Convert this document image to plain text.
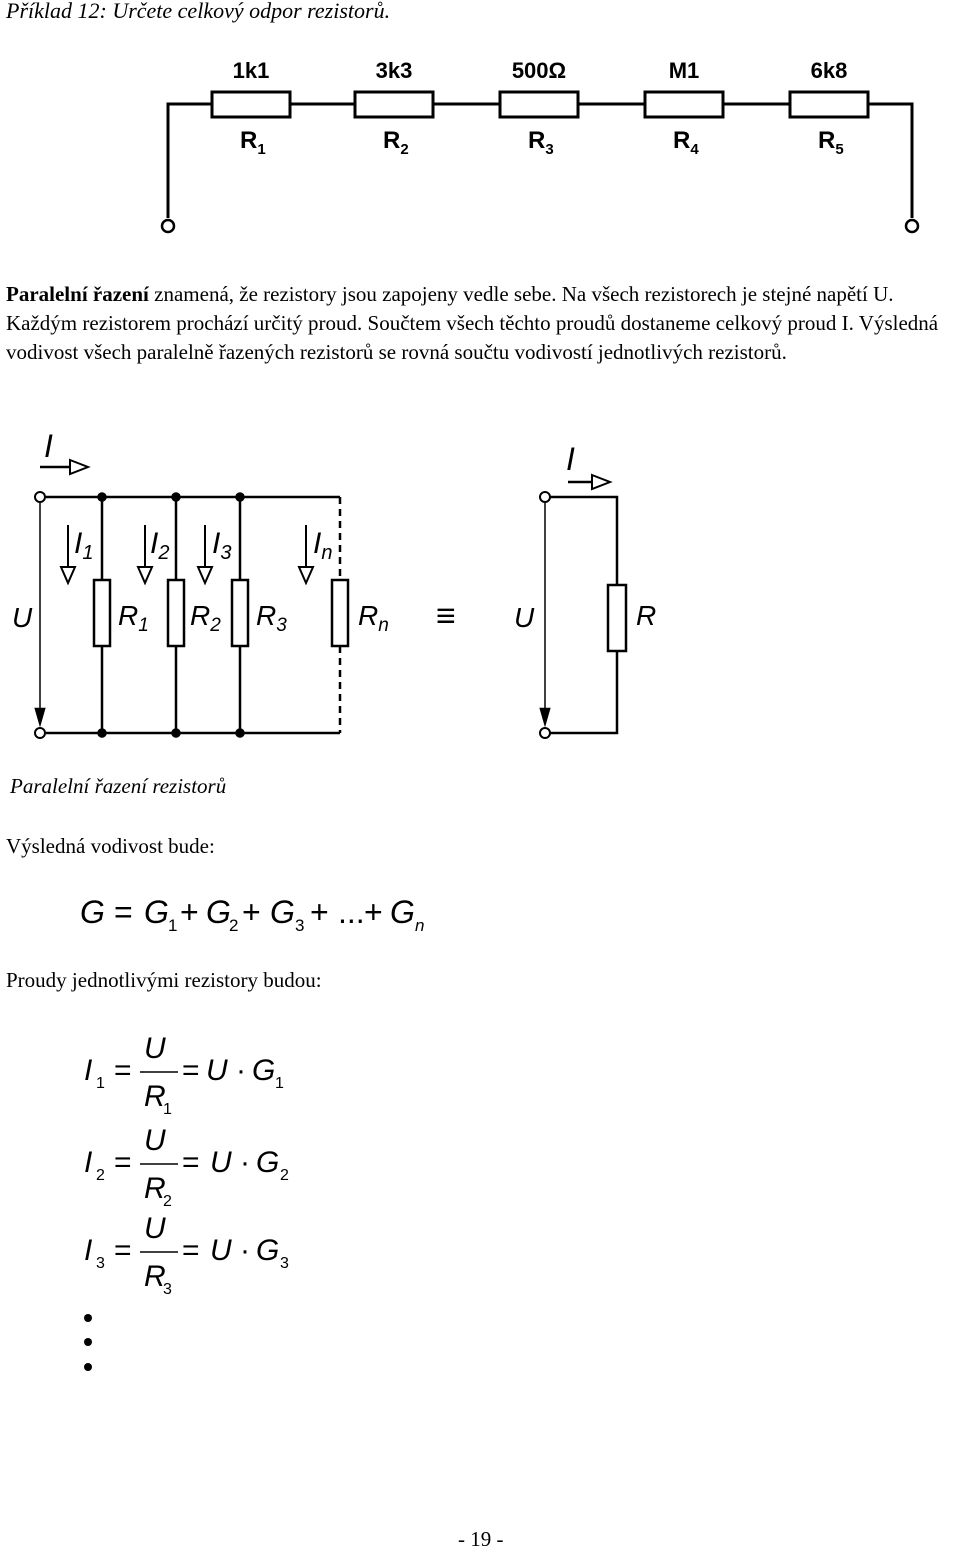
Příklad 12: Určete celkový odpor rezistorů.
1k1	3k3	500Ω	M1	6k8
$R_1$	$R_2$	$R_3$	$R_4$	$R_5$
Paralelní řazení znamená, že rezistory jsou zapojeny vedle sebe. Na všech rezistorech je stejné napětí U. Každým rezistorem prochází určitý proud. Součtem všech těchto proudů dostaneme celkový proud I. Výsledná vodivost všech paralelně řazených rezistorů se rovná součtu vodivostí jednotlivých rezistorů.
I
U
$I_1$ $I_2$ $I_3$	$I_n$
$R_1$ $R_2$ $R_3$	$R_n$
I
U	R
≡
Paralelní řazení rezistorů
Výsledná vodivost bude:
G = G 1 + G
2 + G 3 + ... + G n
Proudy jednotlivými rezistory budou:
I 1 =
U
R
1
= U · G 1
I 2 =
U
R
2
= U · G 2
I 3 =
U
R
3
= U · G 3
- 19 -
